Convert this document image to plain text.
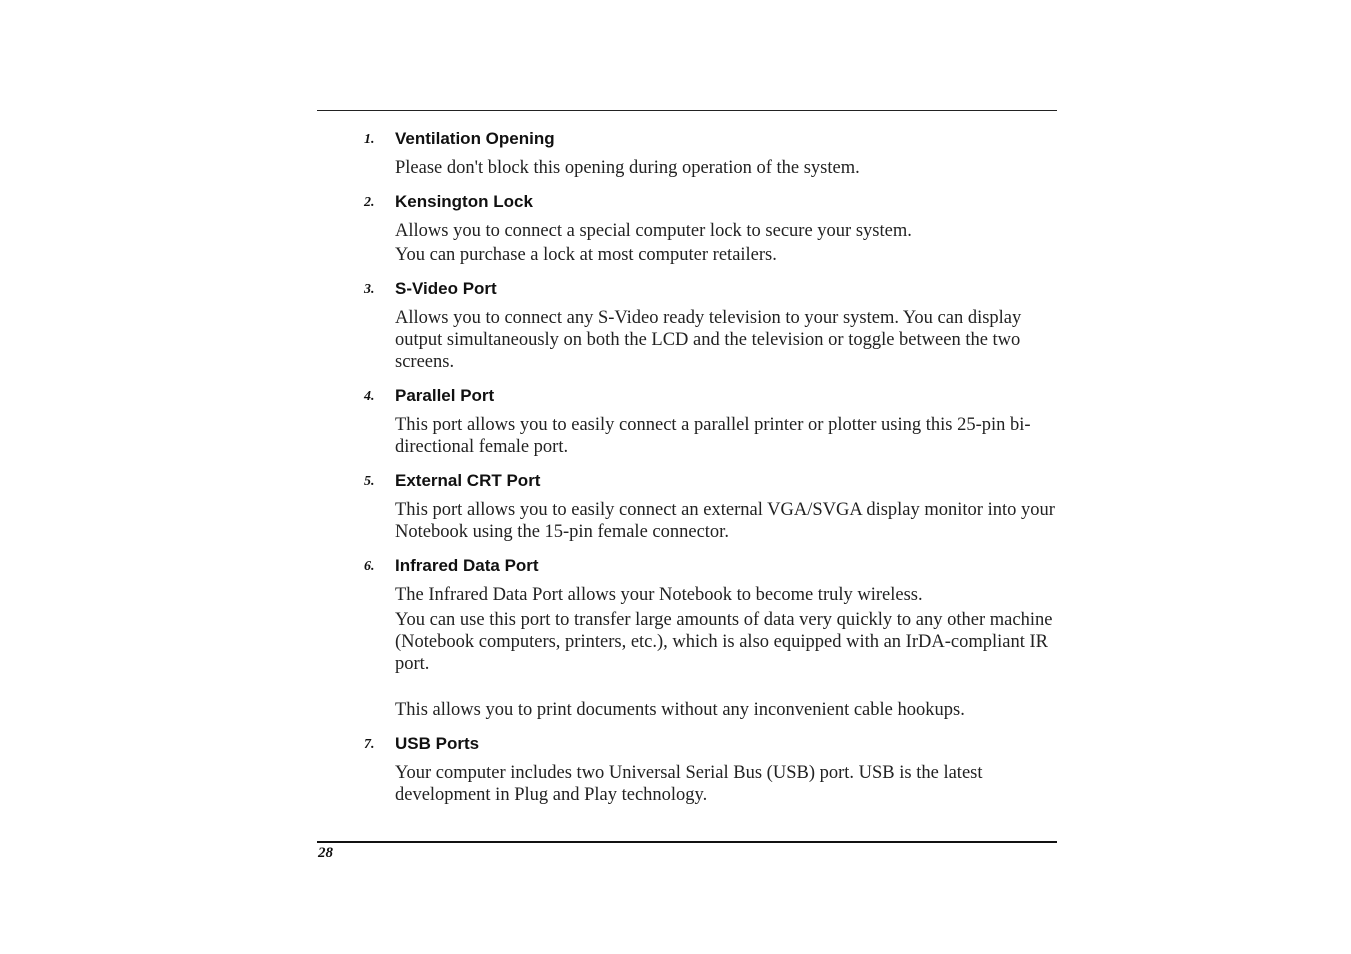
1. Ventilation Opening
Please don't block this opening during operation of the system.
2. Kensington Lock
Allows you to connect a special computer lock to secure your system.
You can purchase a lock at most computer retailers.
3. S-Video Port
Allows you to connect any S-Video ready television to your system. You can display output simultaneously on both the LCD and the television or toggle between the two screens.
4. Parallel Port
This port allows you to easily connect a parallel printer or plotter using this 25-pin bi-directional female port.
5. External CRT Port
This port allows you to easily connect an external VGA/SVGA display monitor into your Notebook using the 15-pin female connector.
6. Infrared Data Port
The Infrared Data Port allows your Notebook to become truly wireless.
You can use this port to transfer large amounts of data very quickly to any other machine (Notebook computers, printers, etc.), which is also equipped with an IrDA-compliant IR port.
This allows you to print documents without any inconvenient cable hookups.
7. USB Ports
Your computer includes two Universal Serial Bus (USB) port. USB is the latest development in Plug and Play technology.
28
